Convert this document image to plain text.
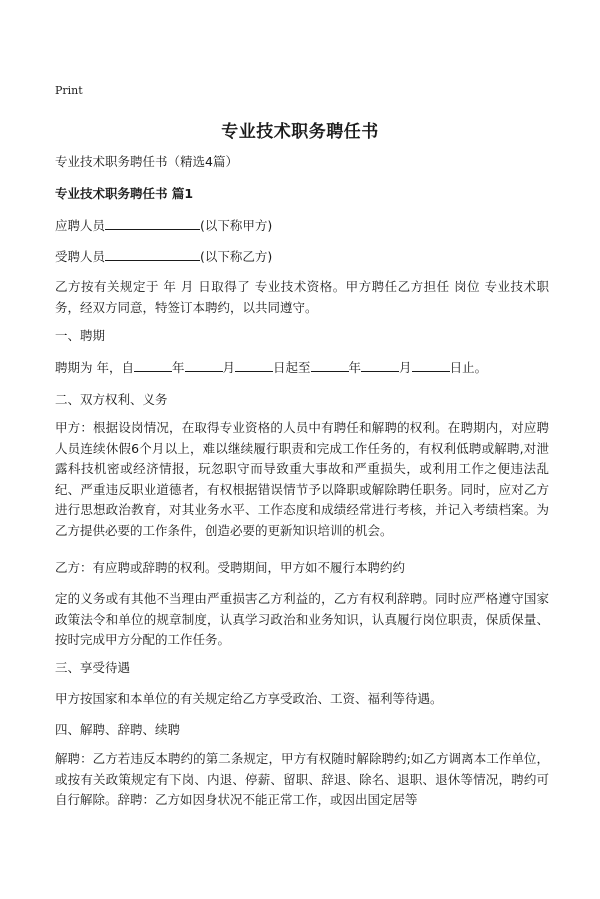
Print
专业技术职务聘任书
专业技术职务聘任书（精选4篇）
专业技术职务聘任书 篇1
应聘人员	(以下称甲方)
受聘人员	(以下称乙方)
乙方按有关规定于 年 月 日取得了 专业技术资格。甲方聘任乙方担任 岗位 专业技术职务，经双方同意，特签订本聘约，以共同遵守。
一、聘期
聘期为 年，自	年	月	日起至	年	月	日止。
二、双方权利、义务
甲方：根据设岗情况，在取得专业资格的人员中有聘任和解聘的权利。在聘期内，对应聘人员连续休假6个月以上，难以继续履行职责和完成工作任务的，有权利低聘或解聘,对泄露科技机密或经济情报，玩忽职守而导致重大事故和严重损失，或利用工作之便违法乱纪、严重违反职业道德者，有权根据错误情节予以降职或解除聘任职务。同时，应对乙方进行思想政治教育，对其业务水平、工作态度和成绩经常进行考核，并记入考绩档案。为乙方提供必要的工作条件，创造必要的更新知识培训的机会。
乙方：有应聘或辞聘的权利。受聘期间，甲方如不履行本聘约约
定的义务或有其他不当理由严重损害乙方利益的，乙方有权利辞聘。同时应严格遵守国家政策法令和单位的规章制度，认真学习政治和业务知识，认真履行岗位职责，保质保量、按时完成甲方分配的工作任务。
三、享受待遇
甲方按国家和本单位的有关规定给乙方享受政治、工资、福利等待遇。
四、解聘、辞聘、续聘
解聘：乙方若违反本聘约的第二条规定，甲方有权随时解除聘约;如乙方调离本工作单位，或按有关政策规定有下岗、内退、停薪、留职、辞退、除名、退职、退休等情况，聘约可自行解除。辞聘：乙方如因身状况不能正常工作，或因出国定居等
